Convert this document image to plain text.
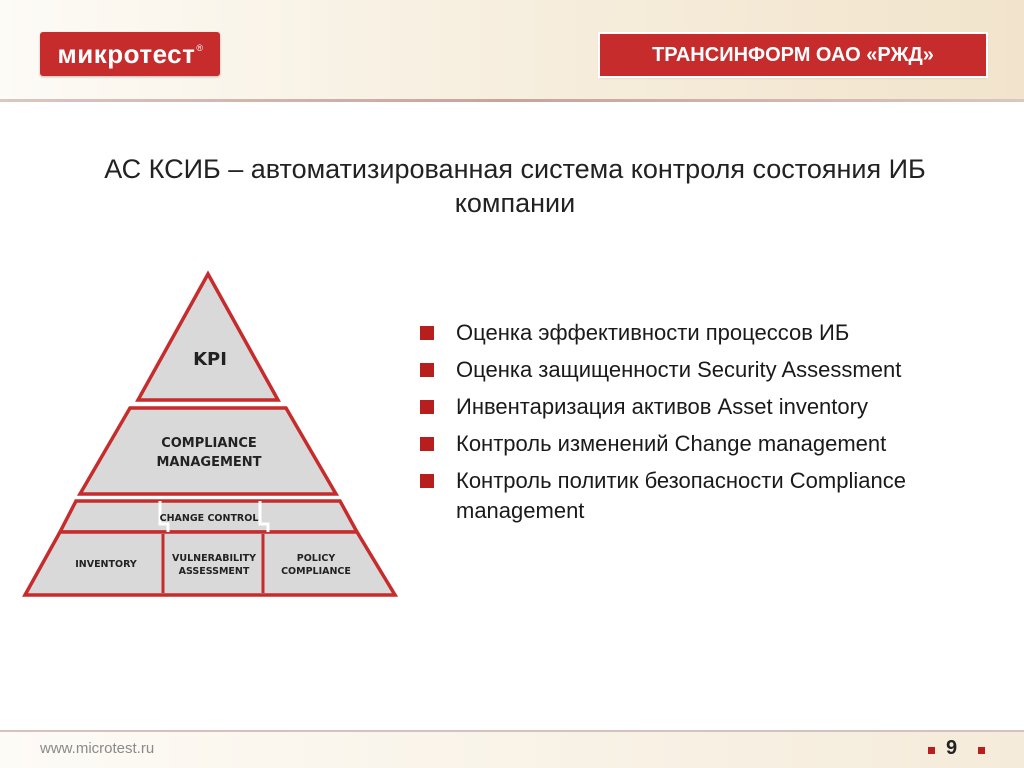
микротест®	ТРАНСИНФОРМ ОАО «РЖД»
АС КСИБ – автоматизированная система контроля состояния ИБ
компании
KPI
COMPLIANCE
MANAGEMENT
CHANGE CONTROL
INVENTORY
VULNERABILITY
ASSESSMENT
POLICY
COMPLIANCE
Оценка эффективности процессов ИБ
Оценка защищенности Security Assessment
Инвентаризация активов Asset inventory
Контроль изменений Change management
Контроль политик безопасности Compliance management
www.microtest.ru	9
